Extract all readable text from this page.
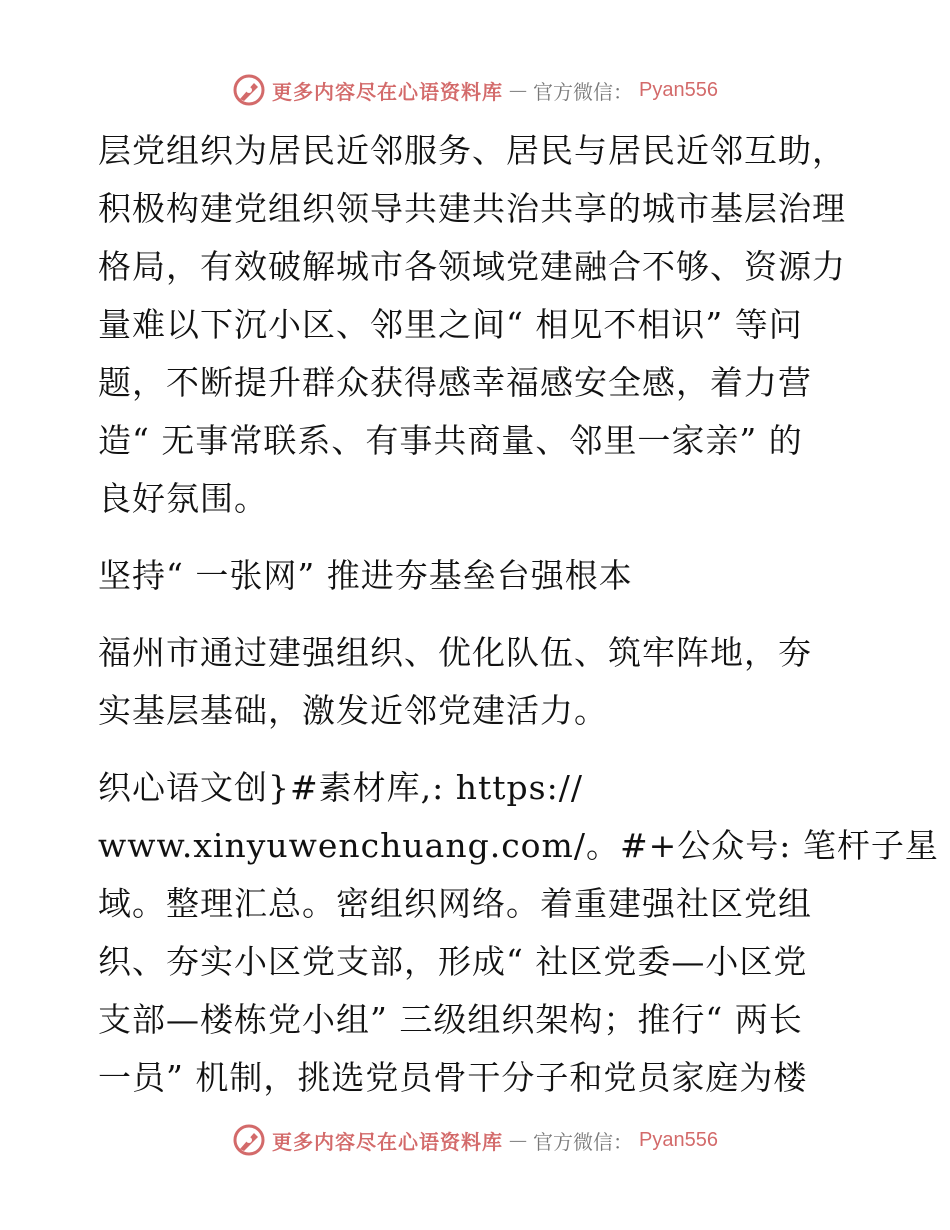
更多内容尽在心语资料库 — 官方微信： Pyan556
层党组织为居民近邻服务、居民与居民近邻互助，
积极构建党组织领导共建共治共享的城市基层治理
格局，有效破解城市各领域党建融合不够、资源力
量难以下沉小区、邻里之间“ 相见不相识” 等问
题，不断提升群众获得感幸福感安全感，着力营
造“ 无事常联系、有事共商量、邻里一家亲” 的
良好氛围。
坚持“ 一张网” 推进夯基垒台强根本
福州市通过建强组织、优化队伍、筑牢阵地，夯
实基层基础，激发近邻党建活力。
织心语文创}#素材库,: https://
www.xinyuwenchuang.com/。#+公众号: 笔杆子星
域。整理汇总。密组织网络。着重建强社区党组
织、夯实小区党支部，形成“ 社区党委—小区党
支部—楼栋党小组” 三级组织架构；推行“ 两长
一员” 机制，挑选党员骨干分子和党员家庭为楼
更多内容尽在心语资料库 — 官方微信： Pyan556
